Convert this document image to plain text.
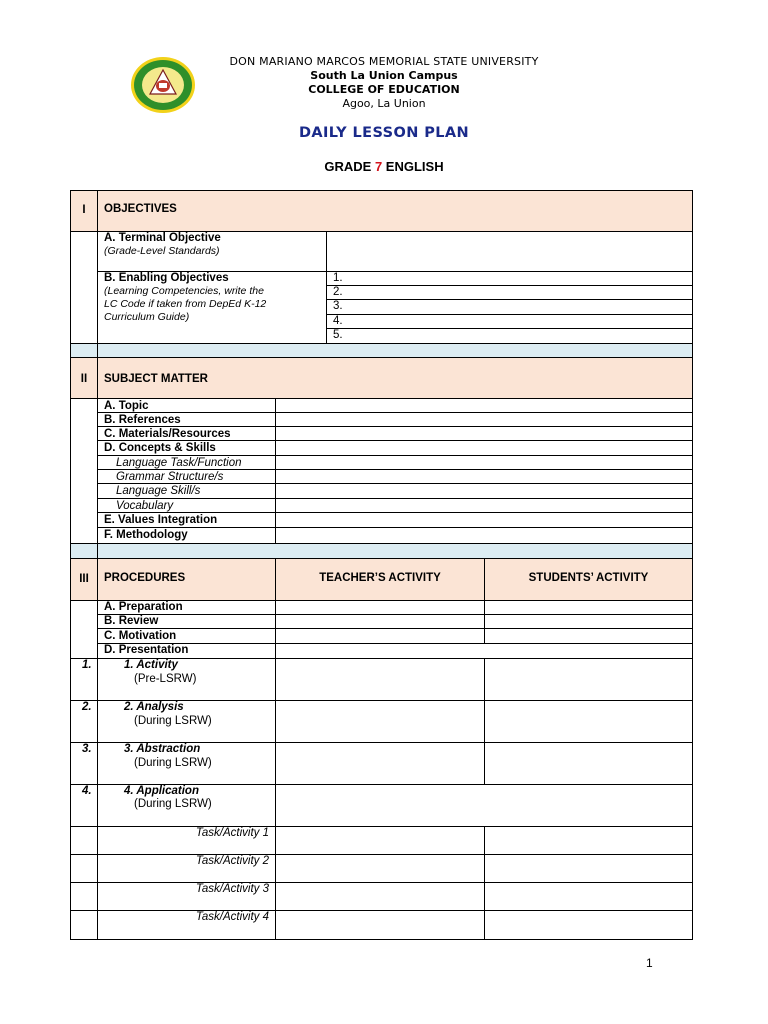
DON MARIANO MARCOS MEMORIAL STATE UNIVERSITY
South La Union Campus
COLLEGE OF EDUCATION
Agoo, La Union
DAILY LESSON PLAN
GRADE 7 ENGLISH
I	OBJECTIVES
A. Terminal Objective
(Grade-Level Standards)
B. Enabling Objectives
(Learning Competencies, write the
LC Code if taken from DepEd K-12
Curriculum Guide)
1.
2.
3.
4.
5.
II	SUBJECT MATTER
A. Topic
B. References
C. Materials/Resources
D. Concepts & Skills
Language Task/Function
Grammar Structure/s
Language Skill/s
Vocabulary
E. Values Integration
F. Methodology
III	PROCEDURES	TEACHER’S ACTIVITY	STUDENTS’ ACTIVITY
A. Preparation
B. Review
C. Motivation
D. Presentation
1.	1. Activity
(Pre-LSRW)
2.	2. Analysis
(During LSRW)
3.	3. Abstraction
(During LSRW)
4.	4. Application
(During LSRW)
Task/Activity 1
Task/Activity 2
Task/Activity 3
Task/Activity 4
1
